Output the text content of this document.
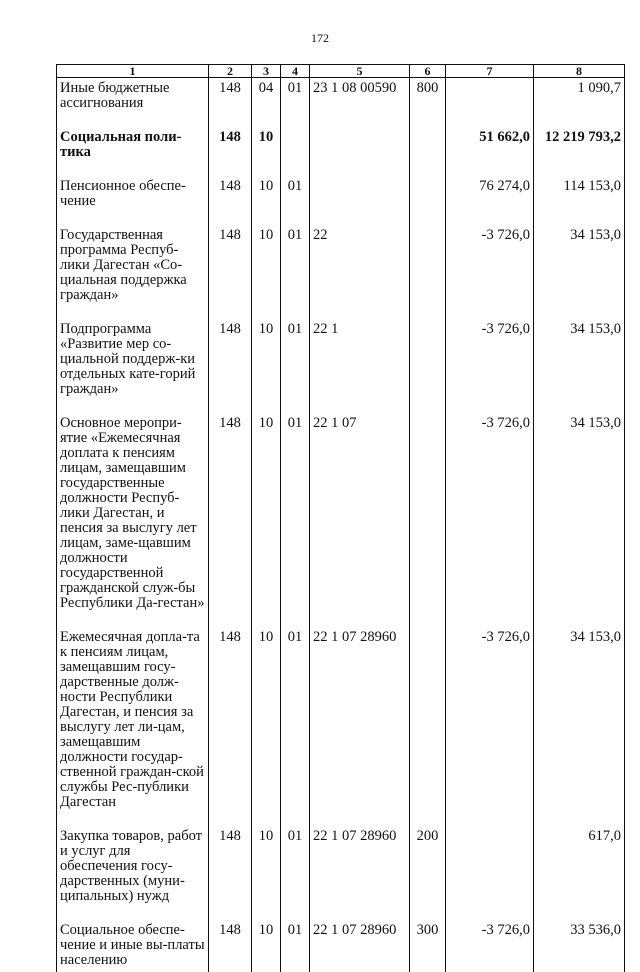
172
1	2	3	4	5	6	7	8
Иные бюджетные ассигнования	148	04	01	23 1 08 00590	800		1 090,7
Социальная поли-тика	148	10				51 662,0	12 219 793,2
Пенсионное обеспе-чение	148	10	01			76 274,0	114 153,0
Государственная программа Респуб-лики Дагестан «Со-циальная поддержка граждан»	148	10	01	22		-3 726,0	34 153,0
Подпрограмма «Развитие мер со-циальной поддерж-ки отдельных кате-горий граждан»	148	10	01	22 1		-3 726,0	34 153,0
Основное меропри-ятие «Ежемесячная доплата к пенсиям лицам, замещавшим государственные должности Респуб-лики Дагестан, и пенсия за выслугу лет лицам, заме-щавшим должности государственной гражданской служ-бы Республики Да-гестан»	148	10	01	22 1 07		-3 726,0	34 153,0
Ежемесячная допла-та к пенсиям лицам, замещавшим госу-дарственные долж-ности Республики Дагестан, и пенсия за выслугу лет ли-цам, замещавшим должности государ-ственной граждан-ской службы Рес-публики Дагестан	148	10	01	22 1 07 28960		-3 726,0	34 153,0
Закупка товаров, работ и услуг для обеспечения госу-дарственных (муни-ципальных) нужд	148	10	01	22 1 07 28960	200		617,0
Социальное обеспе-чение и иные вы-платы населению	148	10	01	22 1 07 28960	300	-3 726,0	33 536,0
